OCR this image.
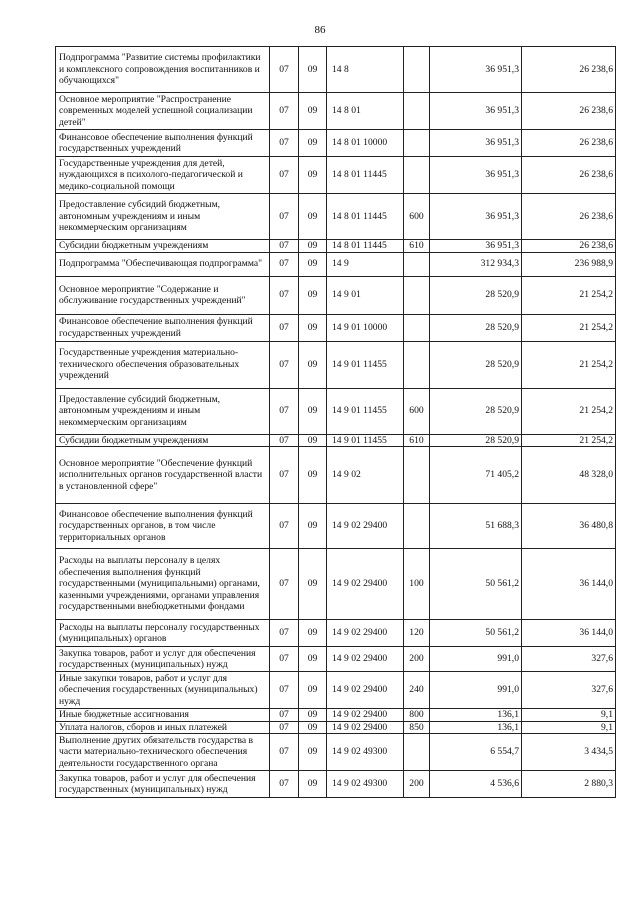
86
Подпрограмма "Развитие системы профилактики и комплексного сопровождения воспитанников и обучающихся"	07	09	14 8		36 951,3	26 238,6
Основное мероприятие "Распространение современных моделей успешной социализации детей"	07	09	14 8 01		36 951,3	26 238,6
Финансовое обеспечение выполнения функций государственных учреждений	07	09	14 8 01 10000		36 951,3	26 238,6
Государственные учреждения для детей, нуждающихся в психолого-педагогической и медико-социальной помощи	07	09	14 8 01 11445		36 951,3	26 238,6
Предоставление субсидий бюджетным, автономным учреждениям и иным некоммерческим организациям	07	09	14 8 01 11445	600	36 951,3	26 238,6
Субсидии бюджетным учреждениям	07	09	14 8 01 11445	610	36 951,3	26 238,6
Подпрограмма "Обеспечивающая подпрограмма"	07	09	14 9		312 934,3	236 988,9
Основное мероприятие "Содержание и обслуживание государственных учреждений"	07	09	14 9 01		28 520,9	21 254,2
Финансовое обеспечение выполнения функций государственных учреждений	07	09	14 9 01 10000		28 520,9	21 254,2
Государственные учреждения материально-технического обеспечения образовательных учреждений	07	09	14 9 01 11455		28 520,9	21 254,2
Предоставление субсидий бюджетным, автономным учреждениям и иным некоммерческим организациям	07	09	14 9 01 11455	600	28 520,9	21 254,2
Субсидии бюджетным учреждениям	07	09	14 9 01 11455	610	28 520,9	21 254,2
Основное мероприятие "Обеспечение функций исполнительных органов государственной власти в установленной сфере"	07	09	14 9 02		71 405,2	48 328,0
Финансовое обеспечение выполнения функций государственных органов, в том числе территориальных органов	07	09	14 9 02 29400		51 688,3	36 480,8
Расходы на выплаты персоналу в целях обеспечения выполнения функций государственными (муниципальными) органами, казенными учреждениями, органами управления государственными внебюджетными фондами	07	09	14 9 02 29400	100	50 561,2	36 144,0
Расходы на выплаты персоналу государственных (муниципальных) органов	07	09	14 9 02 29400	120	50 561,2	36 144,0
Закупка товаров, работ и услуг для обеспечения государственных (муниципальных) нужд	07	09	14 9 02 29400	200	991,0	327,6
Иные закупки товаров, работ и услуг для обеспечения государственных (муниципальных) нужд	07	09	14 9 02 29400	240	991,0	327,6
Иные бюджетные ассигнования	07	09	14 9 02 29400	800	136,1	9,1
Уплата налогов, сборов и иных платежей	07	09	14 9 02 29400	850	136,1	9,1
Выполнение других обязательств государства в части материально-технического обеспечения деятельности государственного органа	07	09	14 9 02 49300		6 554,7	3 434,5
Закупка товаров, работ и услуг для обеспечения государственных (муниципальных) нужд	07	09	14 9 02 49300	200	4 536,6	2 880,3
